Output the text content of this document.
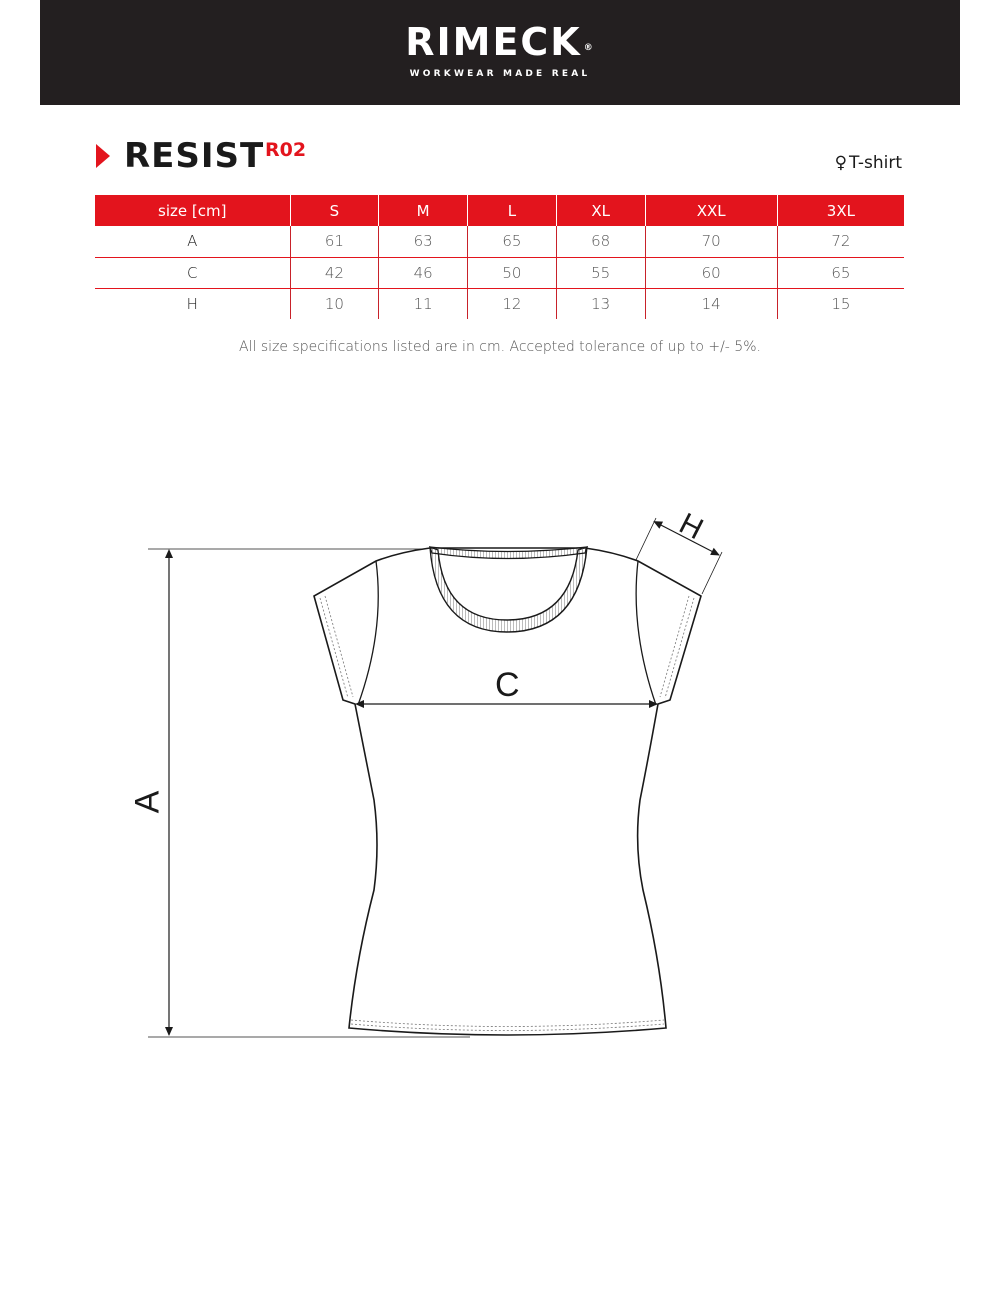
RIMECK ®
WORKWEAR MADE REAL
RESIST R02
♀ T-shirt
size [cm]	S	M	L	XL	XXL	3XL
A	61	63	65	68	70	72
C	42	46	50	55	60	65
H	10	11	12	13	14	15
All size specifications listed are in cm. Accepted tolerance of up to +/- 5%.
A
C
H
